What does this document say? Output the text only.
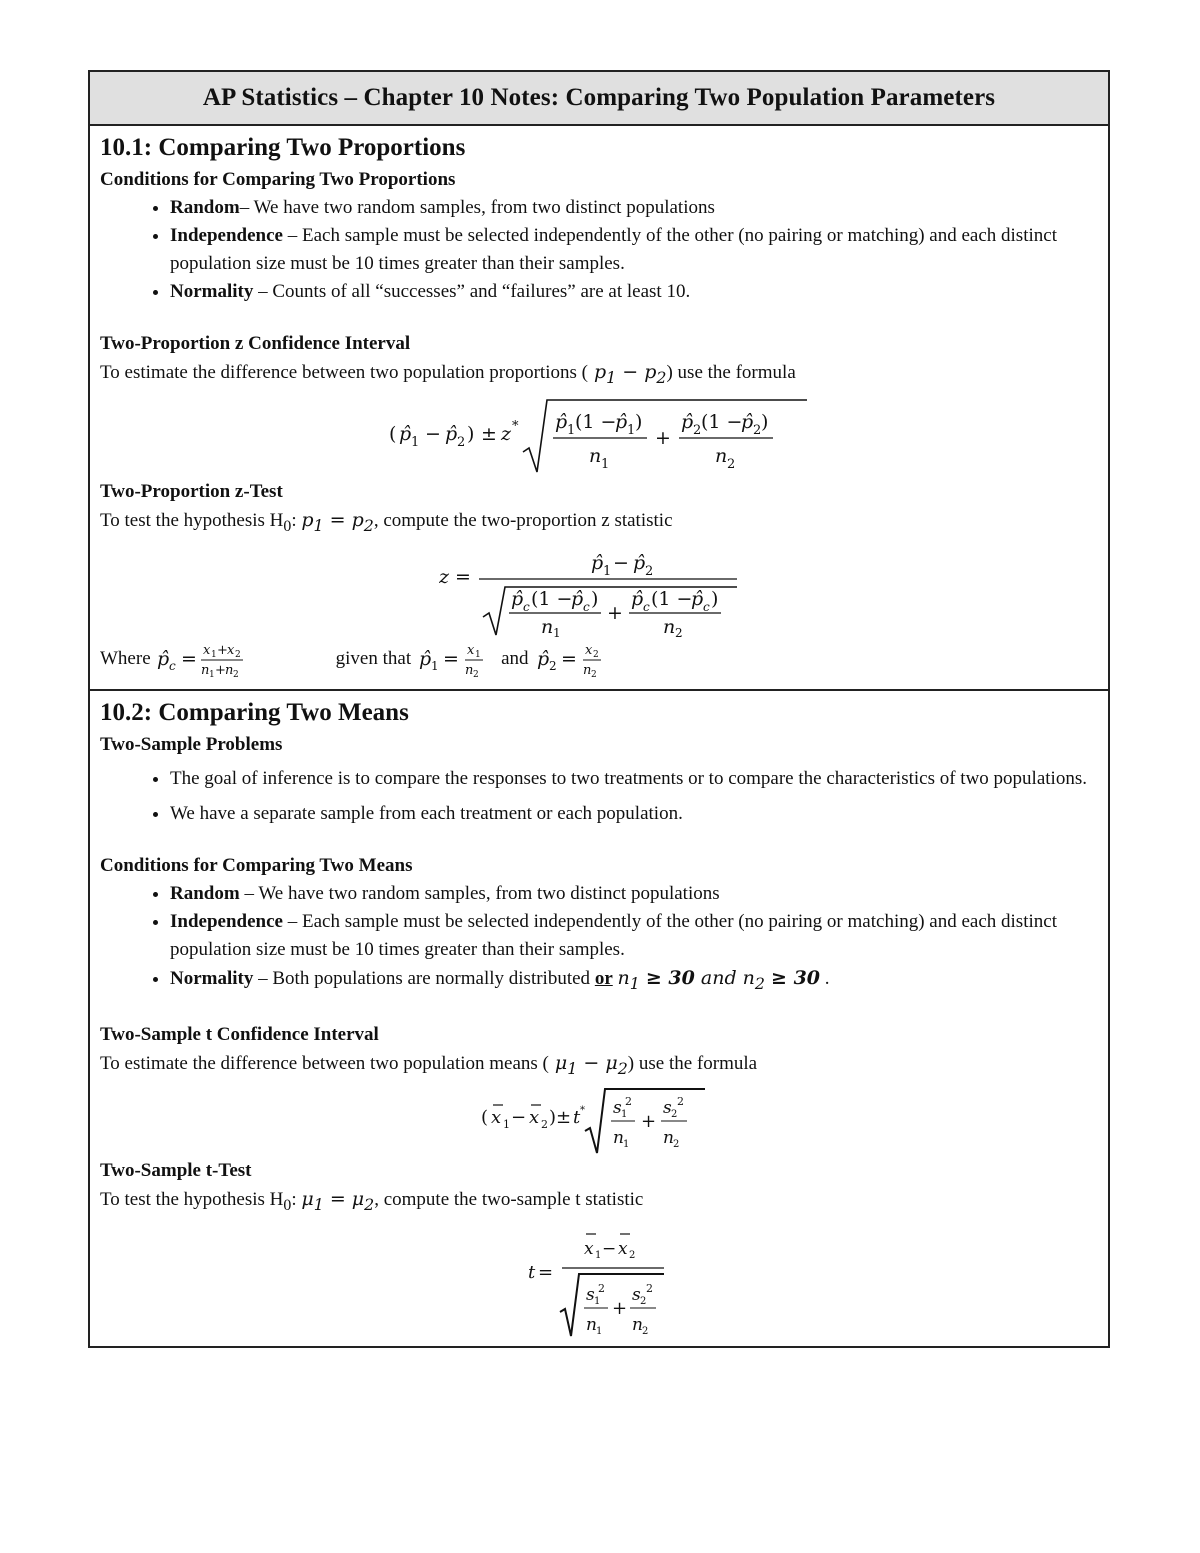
AP Statistics – Chapter 10 Notes: Comparing Two Population Parameters
10.1: Comparing Two Proportions

Conditions for Comparing Two Proportions

• Random– We have two random samples, from two distinct populations
• Independence – Each sample must be selected independently of the other (no pairing or matching) and each distinct population size must be 10 times greater than their samples.
• Normality – Counts of all “successes” and “failures” are at least 10.

Two-Proportion z Confidence Interval

To estimate the difference between two population proportions ( $p_1 - p_2$) use the formula

( p̂ 1 − p̂ 2 ) ± z * p̂ 1 (1 −
p̂ 1 )
n 1
+
p̂ 2 (1 −
p̂ 2 )
n 2

Two-Proportion z-Test

To test the hypothesis $H_0$: $p_1 = p_2$, compute the two-proportion z statistic

z =
p̂ 1 − p̂ 2
p̂ c (1 −
p̂ c )
n 1
+
p̂ c (1 −
p̂ c )
n 2
Where p̂ c = x 1 + x 2
n 1 + n 2
given that p̂ 1 = x 1
n 2
and p̂ 2 = x 2
n 2
10.2: Comparing Two Means

Two-Sample Problems

• The goal of inference is to compare the responses to two treatments or to compare the characteristics of two populations.
• We have a separate sample from each treatment or each population.

Conditions for Comparing Two Means

• Random – We have two random samples, from two distinct populations
• Independence – Each sample must be selected independently of the other (no pairing or matching) and each distinct population size must be 10 times greater than their samples.
• Normality – Both populations are normally distributed or $n_1 \ge 30$ and $n_2 \ge 30$ .

Two-Sample t Confidence Interval

To estimate the difference between two population means ( $\mu_1 - \mu_2$) use the formula

( x 1 − x 2 )± t * s 1
2
n 1
+
s 2
2
n 2

Two-Sample t-Test

To test the hypothesis $H_0$: $\mu_1 = \mu_2$, compute the two-sample t statistic

t =
x 1 − x 2
s 1
2
n 1
+
s 2
2
n 2
